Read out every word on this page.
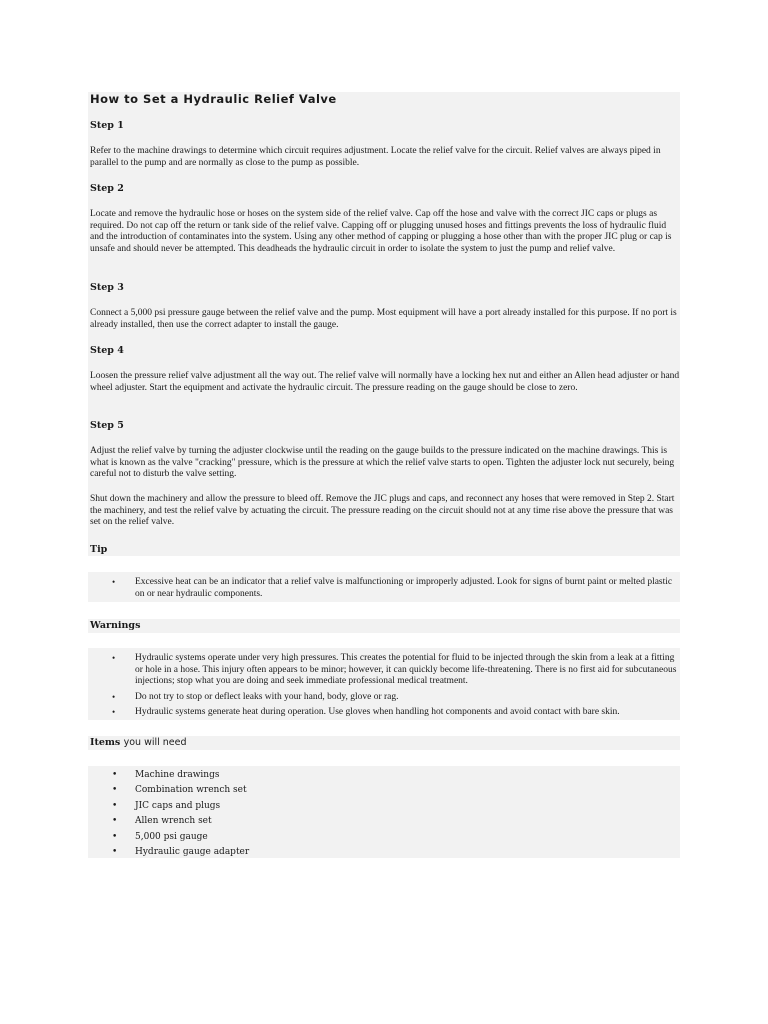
How to Set a Hydraulic Relief Valve
Step 1

Refer to the machine drawings to determine which circuit requires adjustment. Locate the relief valve for the circuit. Relief valves are always piped in parallel to the pump and are normally as close to the pump as possible.

Step 2

Locate and remove the hydraulic hose or hoses on the system side of the relief valve. Cap off the hose and valve with the correct JIC caps or plugs as required. Do not cap off the return or tank side of the relief valve. Capping off or plugging unused hoses and fittings prevents the loss of hydraulic fluid and the introduction of contaminates into the system. Using any other method of capping or plugging a hose other than with the proper JIC plug or cap is unsafe and should never be attempted. This deadheads the hydraulic circuit in order to isolate the system to just the pump and relief valve.

Step 3

Connect a 5,000 psi pressure gauge between the relief valve and the pump. Most equipment will have a port already installed for this purpose. If no port is already installed, then use the correct adapter to install the gauge.

Step 4

Loosen the pressure relief valve adjustment all the way out. The relief valve will normally have a locking hex nut and either an Allen head adjuster or hand wheel adjuster. Start the equipment and activate the hydraulic circuit. The pressure reading on the gauge should be close to zero.

Step 5

Adjust the relief valve by turning the adjuster clockwise until the reading on the gauge builds to the pressure indicated on the machine drawings. This is what is known as the valve "cracking" pressure, which is the pressure at which the relief valve starts to open. Tighten the adjuster lock nut securely, being careful not to disturb the valve setting.

Shut down the machinery and allow the pressure to bleed off. Remove the JIC plugs and caps, and reconnect any hoses that were removed in Step 2. Start the machinery, and test the relief valve by actuating the circuit. The pressure reading on the circuit should not at any time rise above the pressure that was set on the relief valve.

Tip
• Excessive heat can be an indicator that a relief valve is malfunctioning or improperly adjusted. Look for signs of burnt paint or melted plastic on or near hydraulic components.
Warnings
• Hydraulic systems operate under very high pressures. This creates the potential for fluid to be injected through the skin from a leak at a fitting or hole in a hose. This injury often appears to be minor; however, it can quickly become life-threatening. There is no first aid for subcutaneous injections; stop what you are doing and seek immediate professional medical treatment.
• Do not try to stop or deflect leaks with your hand, body, glove or rag.
• Hydraulic systems generate heat during operation. Use gloves when handling hot components and avoid contact with bare skin.
Items you will need
• Machine drawings
• Combination wrench set
• JIC caps and plugs
• Allen wrench set
• 5,000 psi gauge
• Hydraulic gauge adapter
